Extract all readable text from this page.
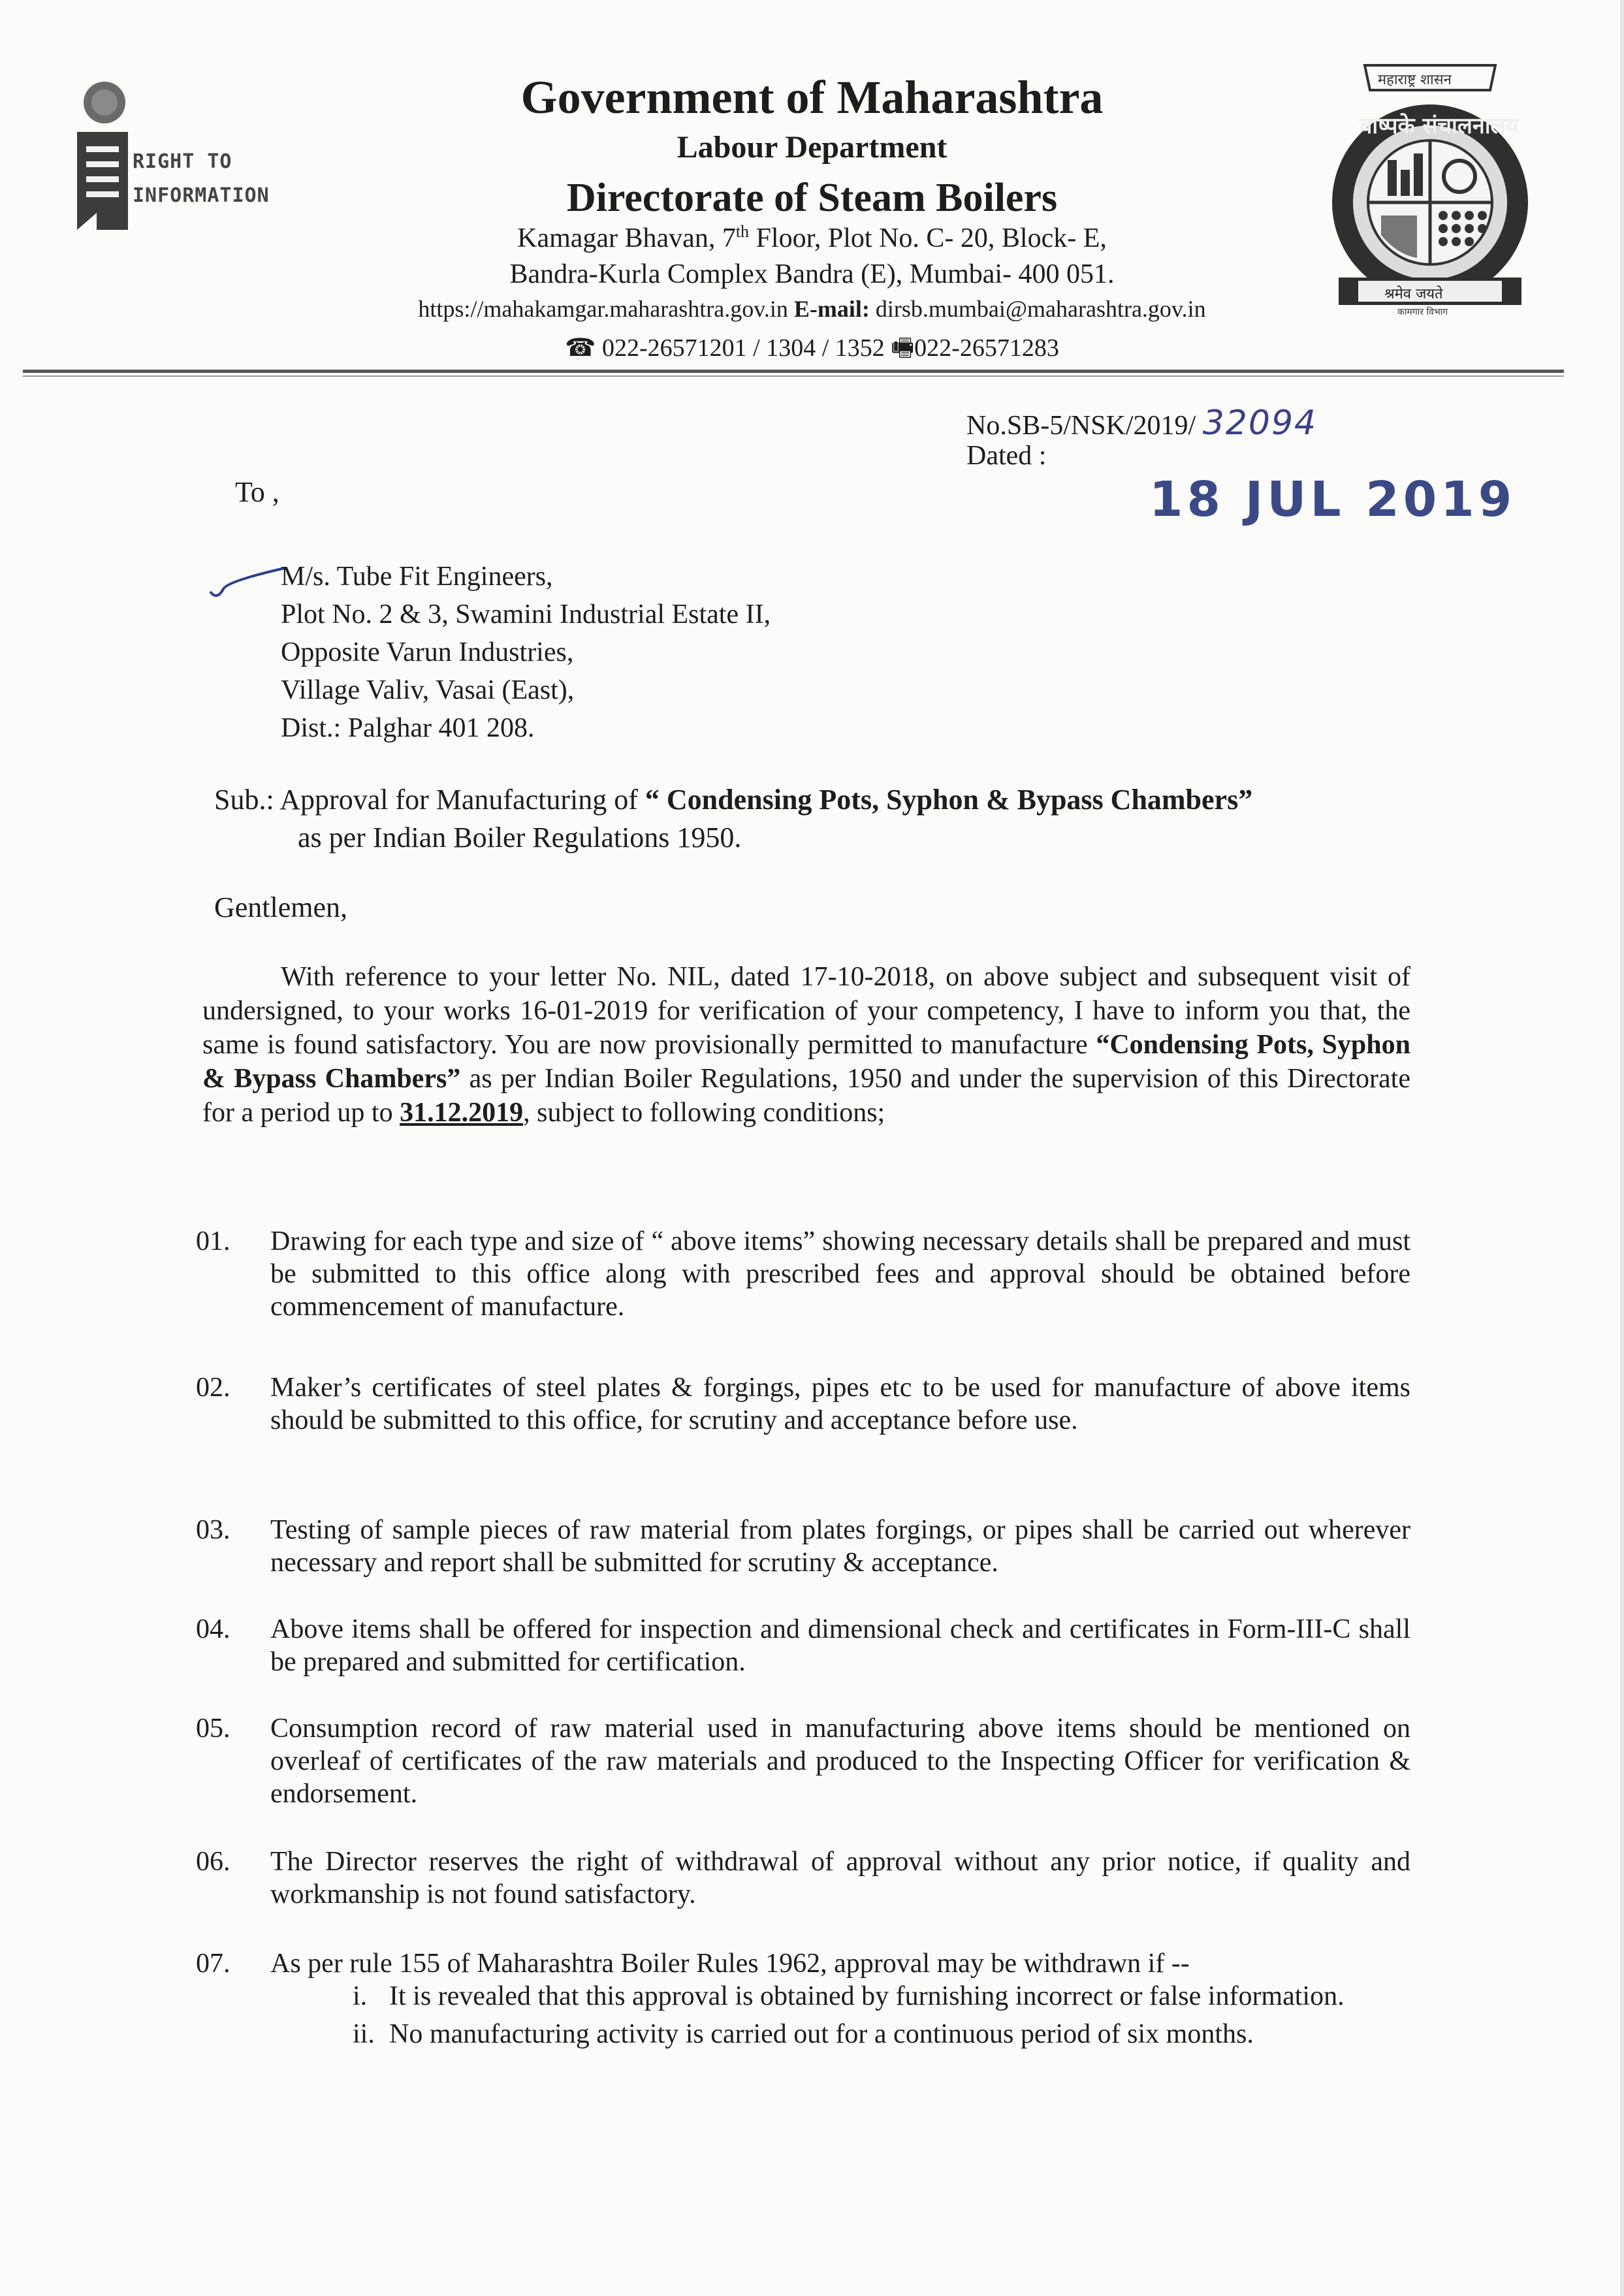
RIGHT TO
INFORMATION
Government of Maharashtra
Labour Department
Directorate of Steam Boilers
Kamagar Bhavan, 7th Floor, Plot No. C- 20, Block- E,
Bandra-Kurla Complex Bandra (E), Mumbai- 400 051.
https://mahakamgar.maharashtra.gov.in E-mail: dirsb.mumbai@maharashtra.gov.in
☎ 022-26571201 / 1304 / 1352 🖷022-26571283
महाराष्ट्र शासन
बाष्पके संचालनालय
श्रमेव जयते
कामगार विभाग
No.SB-5/NSK/2019/ 32094
Dated :
18 JUL 2019
To ,
M/s. Tube Fit Engineers,
Plot No. 2 & 3, Swamini Industrial Estate II,
Opposite Varun Industries,
Village Valiv, Vasai (East),
Dist.: Palghar 401 208.
Sub.: Approval for Manufacturing of “ Condensing Pots, Syphon & Bypass Chambers”
as per Indian Boiler Regulations 1950.
Gentlemen,
With reference to your letter No. NIL, dated 17-10-2018, on above subject and subsequent visit of undersigned, to your works 16-01-2019 for verification of your competency, I have to inform you that, the same is found satisfactory. You are now provisionally permitted to manufacture “Condensing Pots, Syphon & Bypass Chambers” as per Indian Boiler Regulations, 1950 and under the supervision of this Directorate for a period up to 31.12.2019, subject to following conditions;
01. Drawing for each type and size of “ above items” showing necessary details shall be prepared and must be submitted to this office along with prescribed fees and approval should be obtained before commencement of manufacture.
02. Maker’s certificates of steel plates & forgings, pipes etc to be used for manufacture of above items should be submitted to this office, for scrutiny and acceptance before use.
03. Testing of sample pieces of raw material from plates forgings, or pipes shall be carried out wherever necessary and report shall be submitted for scrutiny & acceptance.
04. Above items shall be offered for inspection and dimensional check and certificates in Form-III-C shall be prepared and submitted for certification.
05. Consumption record of raw material used in manufacturing above items should be mentioned on overleaf of certificates of the raw materials and produced to the Inspecting Officer for verification & endorsement.
06. The Director reserves the right of withdrawal of approval without any prior notice, if quality and workmanship is not found satisfactory.
07. As per rule 155 of Maharashtra Boiler Rules 1962, approval may be withdrawn if --
i. It is revealed that this approval is obtained by furnishing incorrect or false information.
ii. No manufacturing activity is carried out for a continuous period of six months.
